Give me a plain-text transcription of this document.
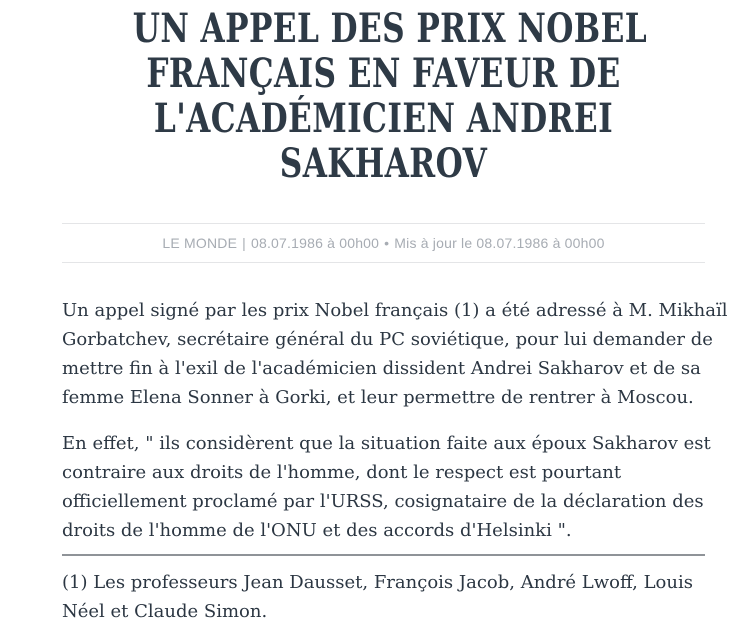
UN APPEL DES PRIX NOBEL
FRANÇAIS EN FAVEUR DE
L'ACADÉMICIEN ANDREI
SAKHAROV
LE MONDE | 08.07.1986 à 00h00 • Mis à jour le 08.07.1986 à 00h00

Un appel signé par les prix Nobel français (1) a été adressé à M. Mikhaïl Gorbatchev, secrétaire général du PC soviétique, pour lui demander de mettre fin à l'exil de l'académicien dissident Andrei Sakharov et de sa femme Elena Sonner à Gorki, et leur permettre de rentrer à Moscou.

En effet, " ils considèrent que la situation faite aux époux Sakharov est contraire aux droits de l'homme, dont le respect est pourtant officiellement proclamé par l'URSS, cosignataire de la déclaration des droits de l'homme de l'ONU et des accords d'Helsinki ".

(1) Les professeurs Jean Dausset, François Jacob, André Lwoff, Louis Néel et Claude Simon.
